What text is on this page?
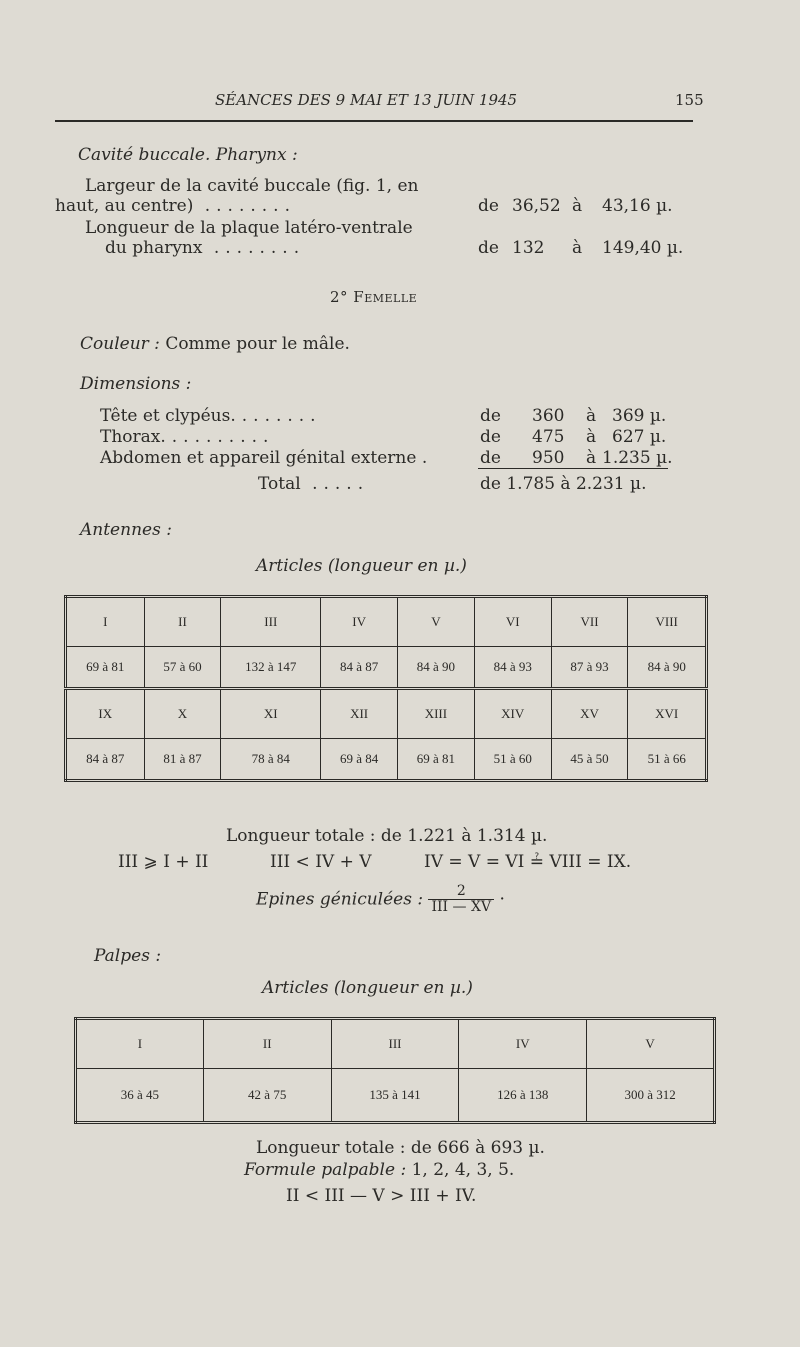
SÉANCES DES 9 MAI ET 13 JUIN 1945	155
Cavité buccale. Pharynx :
Largeur de la cavité buccale (fig. 1, en
haut, au centre) ........	de 36,52 à 43,16 µ.
Longueur de la plaque latéro-ventrale
du pharynx ........	de 132 à 149,40 µ.
2° Femelle
Couleur : Comme pour le mâle.
Dimensions :
Tête et clypéus........	de 360 à 369 µ.
Thorax..........	de 475 à 627 µ.
Abdomen et appareil génital externe .	de 950 à 1.235 µ.
Total .....	de 1.785 à 2.231 µ.
Antennes :
Articles (longueur en µ.)
I	II	III	IV	V	VI	VII	VIII
69 à 81	57 à 60	132 à 147	84 à 87	84 à 90	84 à 93	87 à 93	84 à 90
IX	X	XI	XII	XIII	XIV	XV	XVI
84 à 87	81 à 87	78 à 84	69 à 84	69 à 81	51 à 60	45 à 50	51 à 66
Longueur totale : de 1.221 à 1.314 µ.
III ⩾ I + II	III < IV + V	IV = V = VI ≟ VIII = IX.
Epines géniculées : $\frac{2}{\text{III — XV}}$ ·
Palpes :
Articles (longueur en µ.)
I	II	III	IV	V
36 à 45	42 à 75	135 à 141	126 à 138	300 à 312
Longueur totale : de 666 à 693 µ.
Formule palpable : 1, 2, 4, 3, 5.
II < III — V > III + IV.
